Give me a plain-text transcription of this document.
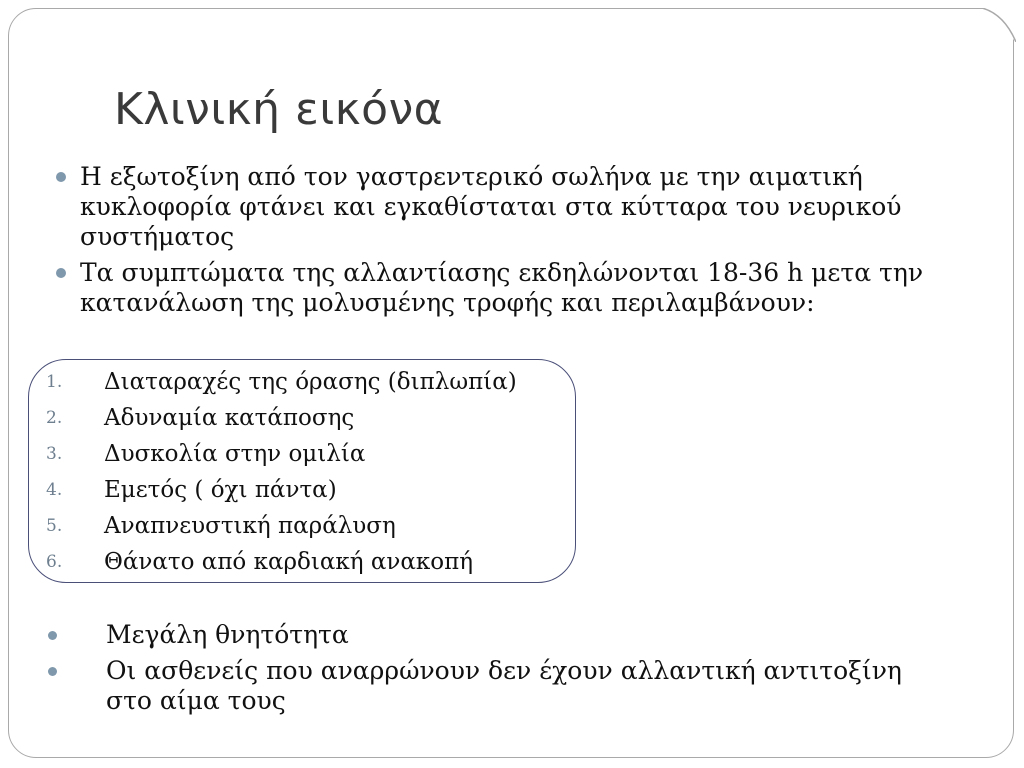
Κλινική εικόνα
Η εξωτοξίνη από τον γαστρεντερικό σωλήνα με την αιματική κυκλοφορία φτάνει και εγκαθίσταται στα κύτταρα του νευρικού συστήματος
Τα συμπτώματα της αλλαντίασης εκδηλώνονται 18-36 h μετα την κατανάλωση της μολυσμένης τροφής και περιλαμβάνουν:
1.	Διαταραχές της όρασης (διπλωπία)
2.	Αδυναμία κατάποσης
3.	Δυσκολία στην ομιλία
4.	Εμετός ( όχι πάντα)
5.	Αναπνευστική παράλυση
6.	Θάνατο από καρδιακή ανακοπή
Μεγάλη θνητότητα
Οι ασθενείς που αναρρώνουν δεν έχουν αλλαντική αντιτοξίνη στο αίμα τους
